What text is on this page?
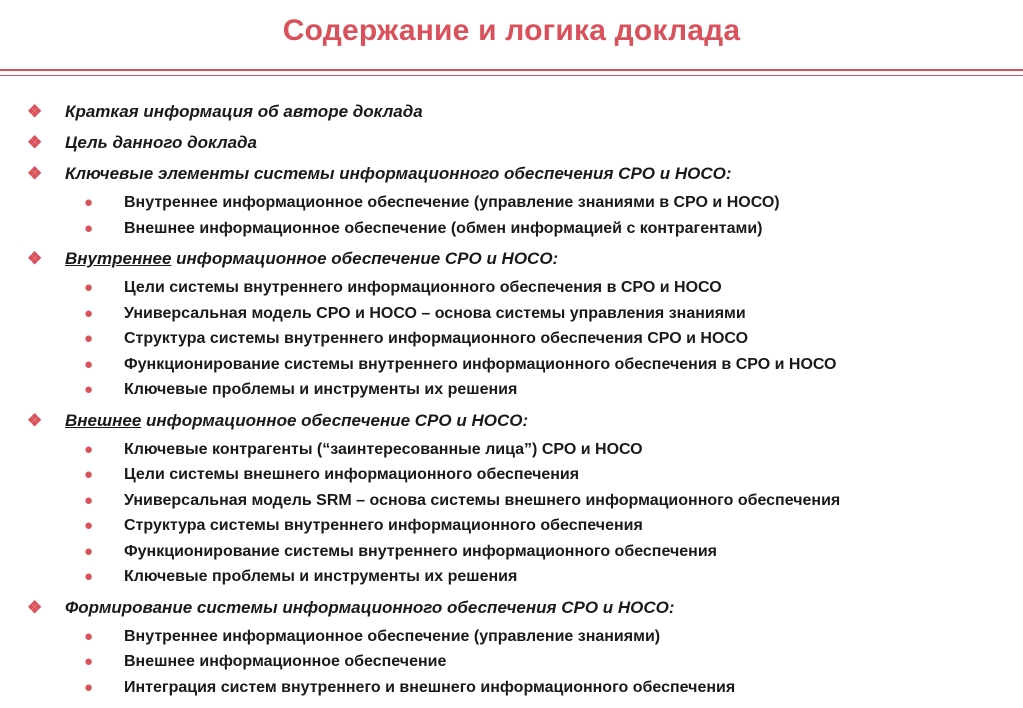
Содержание и логика доклада
❖ Краткая информация об авторе доклада
❖ Цель данного доклада
❖ Ключевые элементы системы информационного обеспечения СРО и НОСО:
● Внутреннее информационное обеспечение (управление знаниями в СРО и НОСО)
● Внешнее информационное обеспечение (обмен информацией с контрагентами)
❖ Внутреннее информационное обеспечение СРО и НОСО:
● Цели системы внутреннего информационного обеспечения в СРО и НОСО
● Универсальная модель СРО и НОСО – основа системы управления знаниями
● Структура системы внутреннего информационного обеспечения СРО и НОСО
● Функционирование системы внутреннего информационного обеспечения в СРО и НОСО
● Ключевые проблемы и инструменты их решения
❖ Внешнее информационное обеспечение СРО и НОСО:
● Ключевые контрагенты (“заинтересованные лица”) СРО и НОСО
● Цели системы внешнего информационного обеспечения
● Универсальная модель SRM – основа системы внешнего информационного обеспечения
● Структура системы внутреннего информационного обеспечения
● Функционирование системы внутреннего информационного обеспечения
● Ключевые проблемы и инструменты их решения
❖ Формирование системы информационного обеспечения СРО и НОСО:
● Внутреннее информационное обеспечение (управление знаниями)
● Внешнее информационное обеспечение
● Интеграция систем внутреннего и внешнего информационного обеспечения
